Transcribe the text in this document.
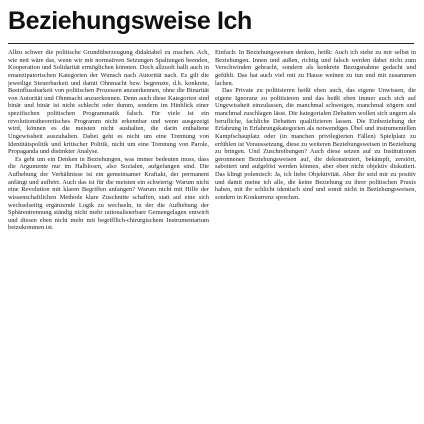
Beziehungsweise Ich

Allzu schwer die politische Grundüberzeugung didaktabel zu machen. Ach, wie nett wäre das, wenn wir mit normativen Setzungen Spaltungen beenden, Kooperation und Solidarität ermöglichen könnten. Doch allzuoft hallt auch in emanzipatorischen Kategorien der Wunsch nach Autorität nach. Es gilt die jeweilige Steuerbarkeit und damit Ohnmacht bzw. begrenzte, d.h. konkrete, Beeinflussbarkeit von politischen Prozessen anzuerkennen, ohne die Binarität von Autorität und Ohnmacht anzuerkennen. Denn auch diese Kategorien sind binär und binär ist nicht schlecht oder dumm, sondern im Hinblick einer spezifischen politischen Programmatik falsch. Für viele ist ein revolutionstheoretisches Programm nicht erkennbar und wenn ausgezeigt wird, können es die meisten nicht aushalten, die darin enthaltene Ungewissheit auszuhalten. Dabei geht es nicht um eine Trennung von Identitätspolitik und kritischer Politik, nicht um eine Trennung von Parole, Propaganda und distinkter Analyse.

Es geht um ein Denken in Beziehungen, was immer bedeuten muss, dass die Argumente nur im Halblosen, also Sozialen, aufgefangen sind. Die Aufhebung der Verhältnisse ist ein gemeinsamer Kraftakt, der permanent anfängt und aufhört. Auch das ist für die meisten ein schwierig: Warum nicht eine Revolution mit klaren Begriffen anfangen? Warum nicht mit Hilfe der wissenschaftlichen Methode klare Zuschnitte schaffen, statt auf eine sich wechselseitig ergänzende Logik zu wechseln, in der die Aufhebung der Sphärentrennung ständig nicht mehr rationalisierbare Gemengelagen entwirft und diesen eben nicht mehr mit begrifflich-chirurgischem Instrumentarium beizukommen ist.

Einfach: In Beziehungsweisen denken, heißt: Auch ich stehe zu mir selbst in Beziehungen. Innen und außen, richtig und falsch werden dabei nicht zum Verschwinden gebracht, sondern als konkrete Bezugsnahme gedacht und gefühlt. Das hat auch viel mit zu Hause weinen zu tun und mit zusammen lachen.

Das Private zu politisieren heißt eben auch, das eigene Unwissen, die eigene Ignoranz zu politisieren und das heißt eben immer auch sich auf Ungewissheit einzulassen, die manchmal schweigen, manchmal zögern und manchmal zuschlagen lässt. Die kategorialen Debatten wollen sich ungern als berufliche, fachliche Debatten qualifizieren lassen. Die Einbeziehung der Erfahrung in Erfahrungskategorien als notwendiges Übel und instrumentellen Kampfschauplatz oder (in manchen privilegierten Fällen) Spielplatz zu erfühlen ist Voraussetzung, diese zu weiteren Beziehungsweisen in Beziehung zu bringen. Und Zuschreibungen? Auch diese setzen auf zu Institutionen geronnenen Beziehungsweisen auf, die dekonstruiert, bekämpft, zerstört, sabotiert und aufgelöst werden können, aber eben nicht objektiv diskutiert. Das klingt polemisch: Ja, ich liebe Objektivität. Aber ihr seid mir zu positiv und damit meine ich alle, die keine Beziehung zu ihrer politischen Praxis haben, mit ihr schlicht identisch sind und somit nicht in Beziehungsweisen, sondern in Konkurrenz sprechen.
